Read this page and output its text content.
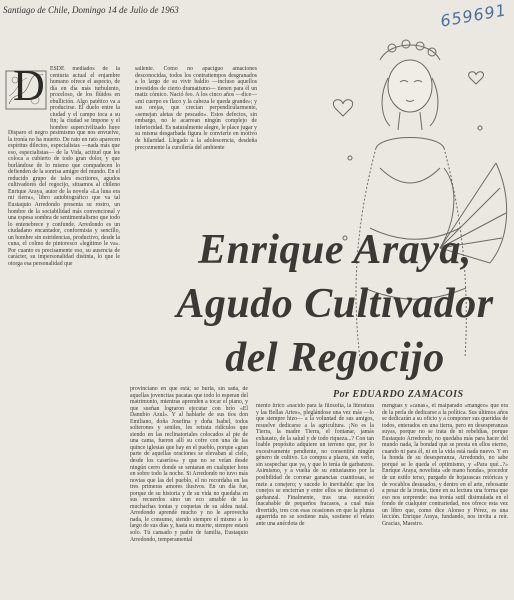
Santiago de Chile, Domingo 14 de Julio de 1963	659691
D ESDE mediados de la centuria actual el enjambre humano ofrece el aspecto, de día en día más turbulento, proceloso, de los flúidos en ebullición. Algo patético va a producirse. El duelo entre la ciudad y el campo toca a su fin; la ciudad se impone y el hombre supercivilizado huye

Disparo el negro pesimismo que nos envuelve, la ironía no ha muerto. De rato en rato aparecen espíritus dilectos, especialistas —nada más que eso, especialistas— de la Vida, actitud que les coloca a cubierto de todo gran dolor, y que burlándose de lo mismo que compadecen lo defienden de la sonrisa amigre del mundo. En el reducido grupo de tales escritores, agudos cultivadores del regocijo, situamos al chileno Enrique Araya, autor de la novela «La luna era mi tierra», libro autobiográfico que va tal Eustaquio Arredondo presenta su rostro, un hombre de la sociabilidad más convencional y una espesa sombra de sentimentalismo que todo lo entenebrece y confunde. Arredondo es un ciudadano encantador, conformista y sencillo, un hombre sin estridencias, productivo, desde la cuna, el colmo de pintoresco «legítimo le va». Por cuanto es precisamente eso, su ausencia de carácter, su impersonalidad distinta, lo que le otorga esa personalidad que

sallente. Como no apaciguo amaciones desconocidas, todos los contratiempos desgranados a lo largo de su vivir baldío —incluso aquellos investidos de cierto dramatismo— tienen para él un matiz cómico. Nació feo. A los cinco años —dice— «mi cuerpo es flaco y la cabeza le queda grande»; y sus orejas, que crecían perpendicularmente, «semejan aletas de pescado». Estos defectos, sin embargo, no le acarrean ningún complejo de inferioridad. Es naturalmente alegre, le place jugar y su misma desgarbada figura le convierte en motivo de hilaridad. Llegado a la adolescencia, desdeña precozmente la cursilería del ambiente

Enrique Araya,
Agudo Cultivador
del Regocijo
Por EDUARDO ZAMACOIS

provinciano en que está; se burla, sin saña, de aquellas jovencitas pacatas que todo lo esperan del matrimonio, mientras aprenden a tocar el piano, y que sueñan lograron ejecutar con brío «El Danubio Azul». Y al hablarle de sus tíos don Emiliano, doña Josefina y doña Isabel, todos solterones y seniles, les retrata ridículos que siendo en las reclinatoriales colocados al pie de una cama, fueron allí su cofre con una de las quince iglesias que hay en el pueblo, porque «gran parte de aquellas oraciones se elevaban al cielo, desde los caseríos» y que no se veían desde ningún cerro donde se sentaran en cualquier hora en sobre todo la noche. Si Arredondo no tuvo más novias que las del pueblo, el no recordaba en las tres primeras amores ilusivos. En un día fue, porque de su historia y de su vida no quedaba en sus recuerdos sino un eco amable de las muchachas tontas y coquetas de su aldea natal. Arredondo aprende mucho y no le aprovecha nada, le consume, siendo siempre el mismo a lo largo de sus días y, hasta su muerte, siempre estará solo. Tú cansado y padre de familia, Eustaquio Arredondo, temperamental

mento lírico «nacido para la filosofía, la literatura y las Bellas Artes», pleglándose una vez más —lo que siempre hizo— a la voluntad de sus amigos, resuelve dedicarse a la agricultura. ¡No es la Tierra, la madre Tierra, el fontanar, jamás exhausto, de la salud y de todo riqueza...? Con tan loable propósito adquiere un terreno que, por lo excesivamente pendiente, no consentirá ningún género de cultivo. Lo compra a plazos, sin verlo, sin sospechar que ya, y que lo tenía de garbanzos. Asimismo, y a vuelta de su entusiasmo por la posibilidad de coronar ganancias cuantiosas, se mete a conejero; y sucede lo inevitable: que los conejos se encierran y entre ellos se destierran el garbanzal. Finalmente, tras una sucesión inacabable de pequeños fracasos, a cual más divertido, tres con esas ocasiones en que la pluma aguerrida no se sostiene más, sostiene el relato ante una anécdota de

menguas y «canas», el malparado «mangeo» que era de la perla de dedicarse a la política. Sus últimos años se dedicarán a su oficio y a componer sus queridas de todos, enterados en una tierra, pero en desesperanzas suyas, porque no se trata de ni rebeldías, porque Eustaquio Arredondo, no quedaba más para hacer del mundo nada, la bondad que se presta en ellos eterno, cuando ni para él, ni en la vida está nada nuevo. Y en la honda de su desesperanza, Arredondo, no sabe porqué se le queda el optimismo, y «Para qué...?» Enrique Araya, novelista «de mano honda», procedor de un estilo terso, purgado de hojarascas retóricas y de vocablos desusados, y dentro en el arte, rebosante a pesar de la ironía, tiene en su lectura una forma que eso nos sorprende: esa ironía sutil disimulada en el fondo de cualquier contrariedad, nos ofrece esta vez un libro que, como dice Alonso y Pérez, es una lección. Enrique Araya, fundando, nos invita a reír. Gracias, Maestro.
